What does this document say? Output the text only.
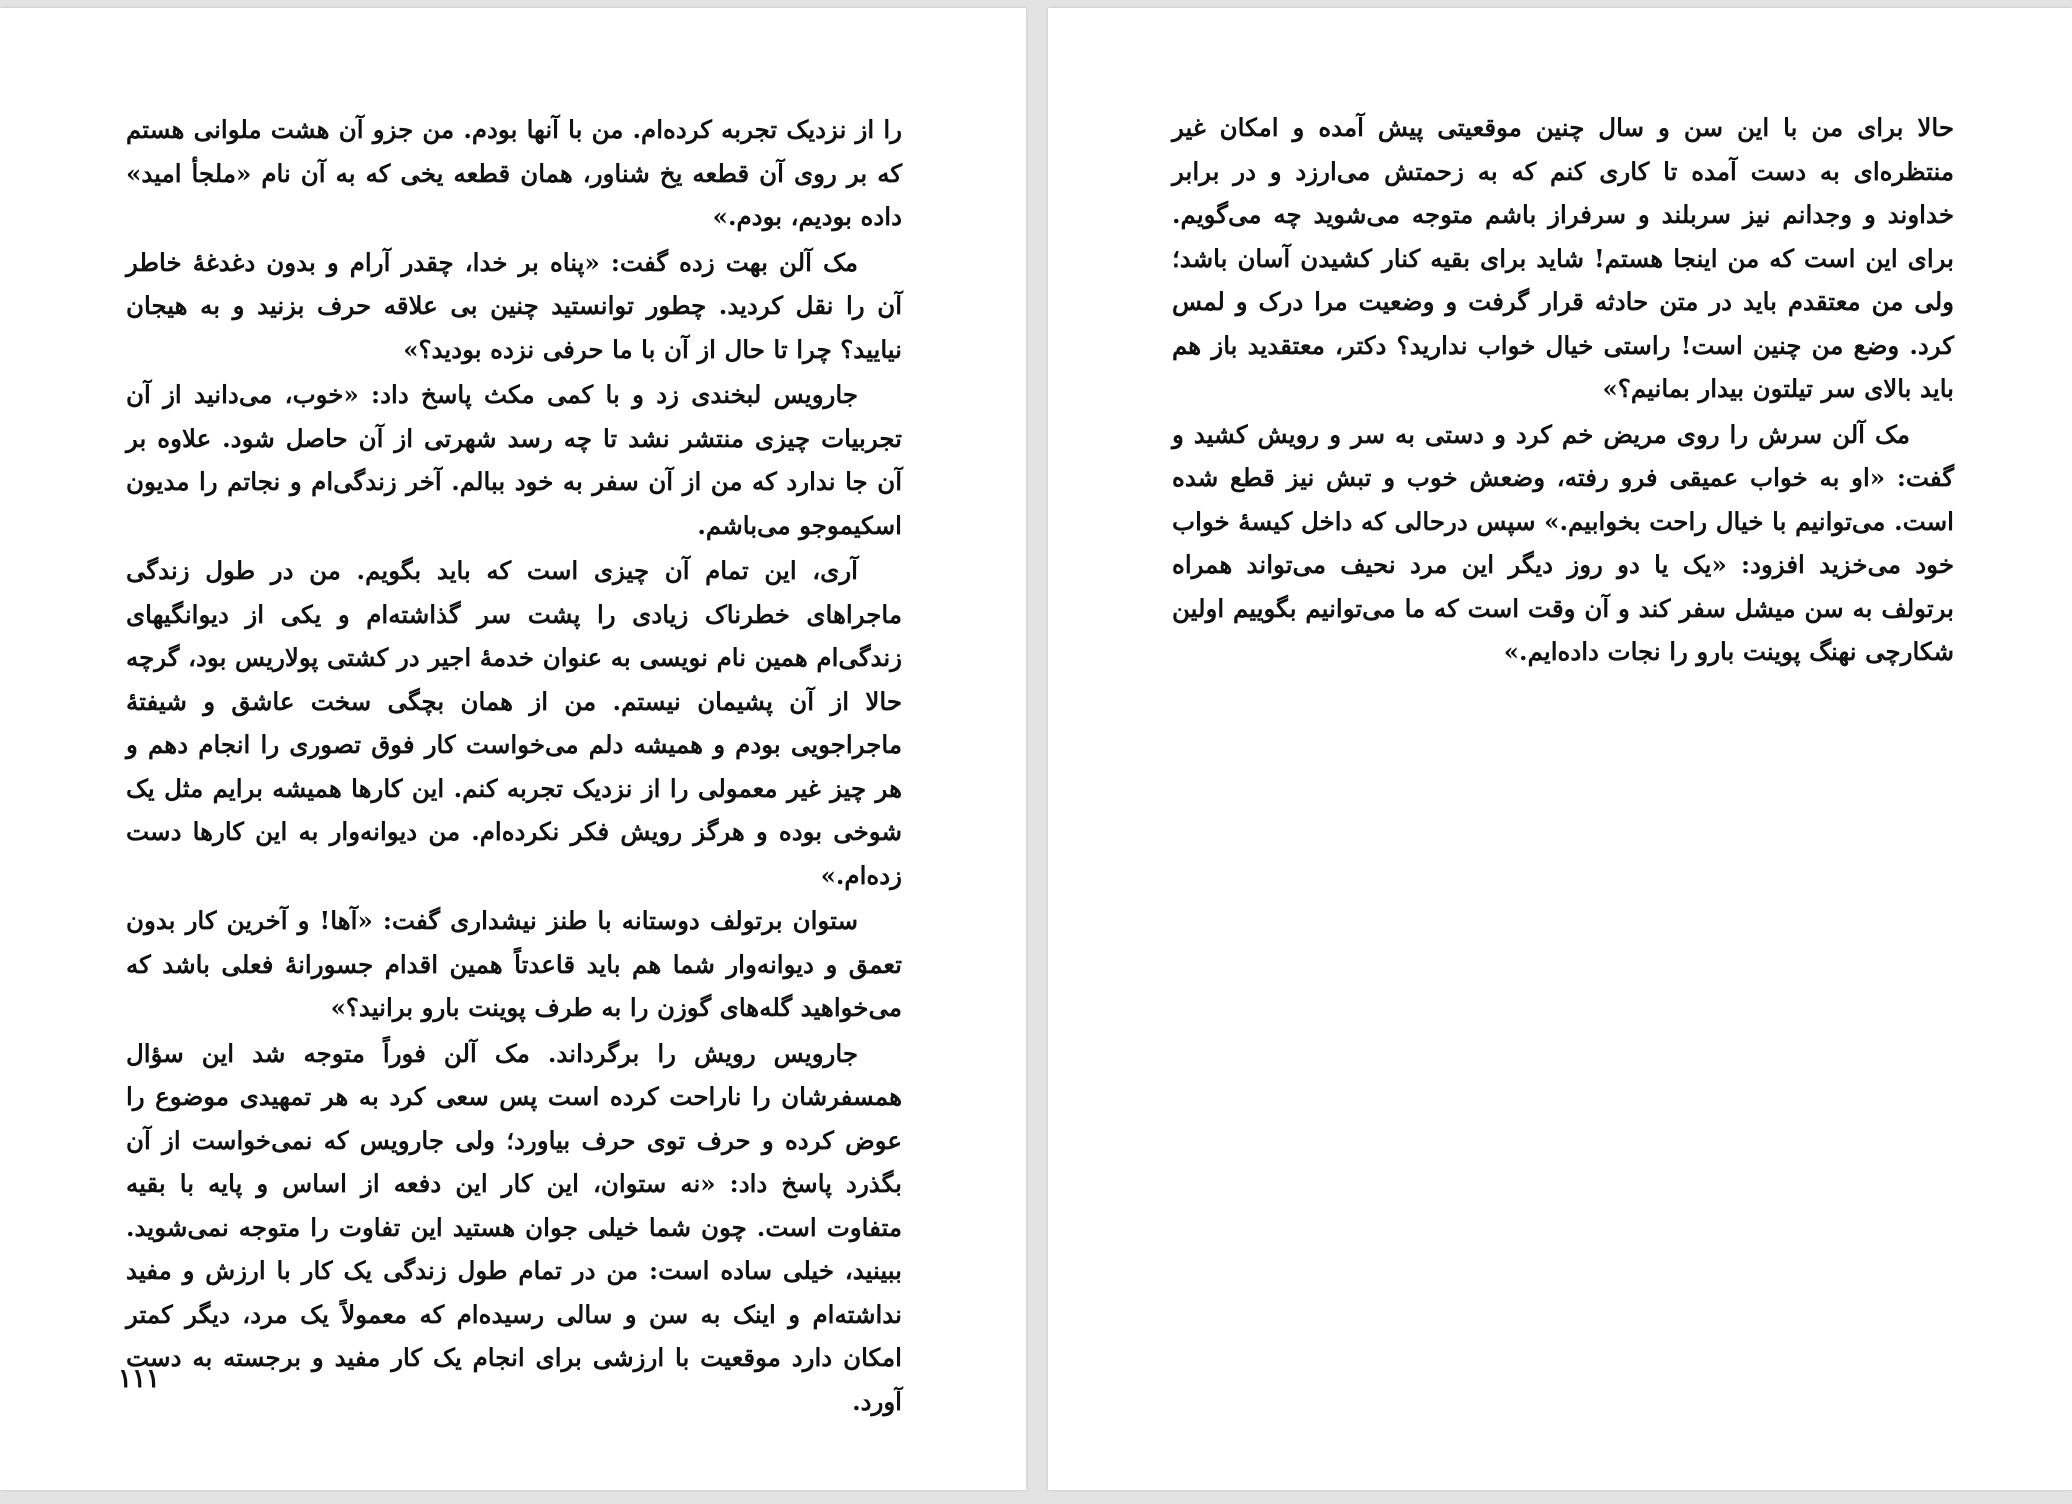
را از نزدیک تجربه کرده‌ام. من با آنها بودم. من جزو آن هشت ملوانی هستم که بر روی آن قطعه یخ شناور، همان قطعه یخی که به آن نام «ملجأ امید» داده بودیم، بودم.»

مک آلن بهت زده گفت: «پناه بر خدا، چقدر آرام و بدون دغدغهٔ خاطر آن را نقل کردید. چطور توانستید چنین بی علاقه حرف بزنید و به هیجان نیایید؟ چرا تا حال از آن با ما حرفی نزده بودید؟»

جارویس لبخندی زد و با کمی مکث پاسخ داد: «خوب، می‌دانید از آن تجربیات چیزی منتشر نشد تا چه رسد شهرتی از آن حاصل شود. علاوه بر آن جا ندارد که من از آن سفر به خود ببالم. آخر زندگی‌ام و نجاتم را مدیون اسکیموجو می‌باشم.

آری، این تمام آن چیزی است که باید بگویم. من در طول زندگی ماجراهای خطرناک زیادی را پشت سر گذاشته‌ام و یکی از دیوانگیهای زندگی‌ام همین نام نویسی به عنوان خدمهٔ اجیر در کشتی پولاریس بود، گرچه حالا از آن پشیمان نیستم. من از همان بچگی سخت عاشق و شیفتهٔ ماجراجویی بودم و همیشه دلم می‌خواست کار فوق تصوری را انجام دهم و هر چیز غیر معمولی را از نزدیک تجربه کنم. این کارها همیشه برایم مثل یک شوخی بوده و هرگز رویش فکر نکرده‌ام. من دیوانه‌وار به این کارها دست زده‌ام.»

ستوان برتولف دوستانه با طنز نیشداری گفت: «آها! و آخرین کار بدون تعمق و دیوانه‌وار شما هم باید قاعدتاً همین اقدام جسورانهٔ فعلی باشد که می‌خواهید گله‌های گوزن را به طرف پوینت بارو برانید؟»

جارویس رویش را برگرداند. مک آلن فوراً متوجه شد این سؤال همسفرشان را ناراحت کرده است پس سعی کرد به هر تمهیدی موضوع را عوض کرده و حرف توی حرف بیاورد؛ ولی جارویس که نمی‌خواست از آن بگذرد پاسخ داد: «نه ستوان، این کار این دفعه از اساس و پایه با بقیه متفاوت است. چون شما خیلی جوان هستید این تفاوت را متوجه نمی‌شوید. ببینید، خیلی ساده است: من در تمام طول زندگی یک کار با ارزش و مفید نداشته‌ام و اینک به سن و سالی رسیده‌ام که معمولاً یک مرد، دیگر کمتر امکان دارد موقعیت با ارزشی برای انجام یک کار مفید و برجسته به دست آورد.

۱۱۱

حالا برای من با این سن و سال چنین موقعیتی پیش آمده و امکان غیر منتظره‌ای به دست آمده تا کاری کنم که به زحمتش می‌ارزد و در برابر خداوند و وجدانم نیز سربلند و سرفراز باشم متوجه می‌شوید چه می‌گویم. برای این است که من اینجا هستم! شاید برای بقیه کنار کشیدن آسان باشد؛ ولی من معتقدم باید در متن حادثه قرار گرفت و وضعیت مرا درک و لمس کرد. وضع من چنین است! راستی خیال خواب ندارید؟ دکتر، معتقدید باز هم باید بالای سر تیلتون بیدار بمانیم؟»

مک آلن سرش را روی مریض خم کرد و دستی به سر و رویش کشید و گفت: «او به خواب عمیقی فرو رفته، وضعش خوب و تبش نیز قطع شده است. می‌توانیم با خیال راحت بخوابیم.» سپس درحالی که داخل کیسهٔ خواب خود می‌خزید افزود: «یک یا دو روز دیگر این مرد نحیف می‌تواند همراه برتولف به سن میشل سفر کند و آن وقت است که ما می‌توانیم بگوییم اولین شکارچی نهنگ پوینت بارو را نجات داده‌ایم.»
